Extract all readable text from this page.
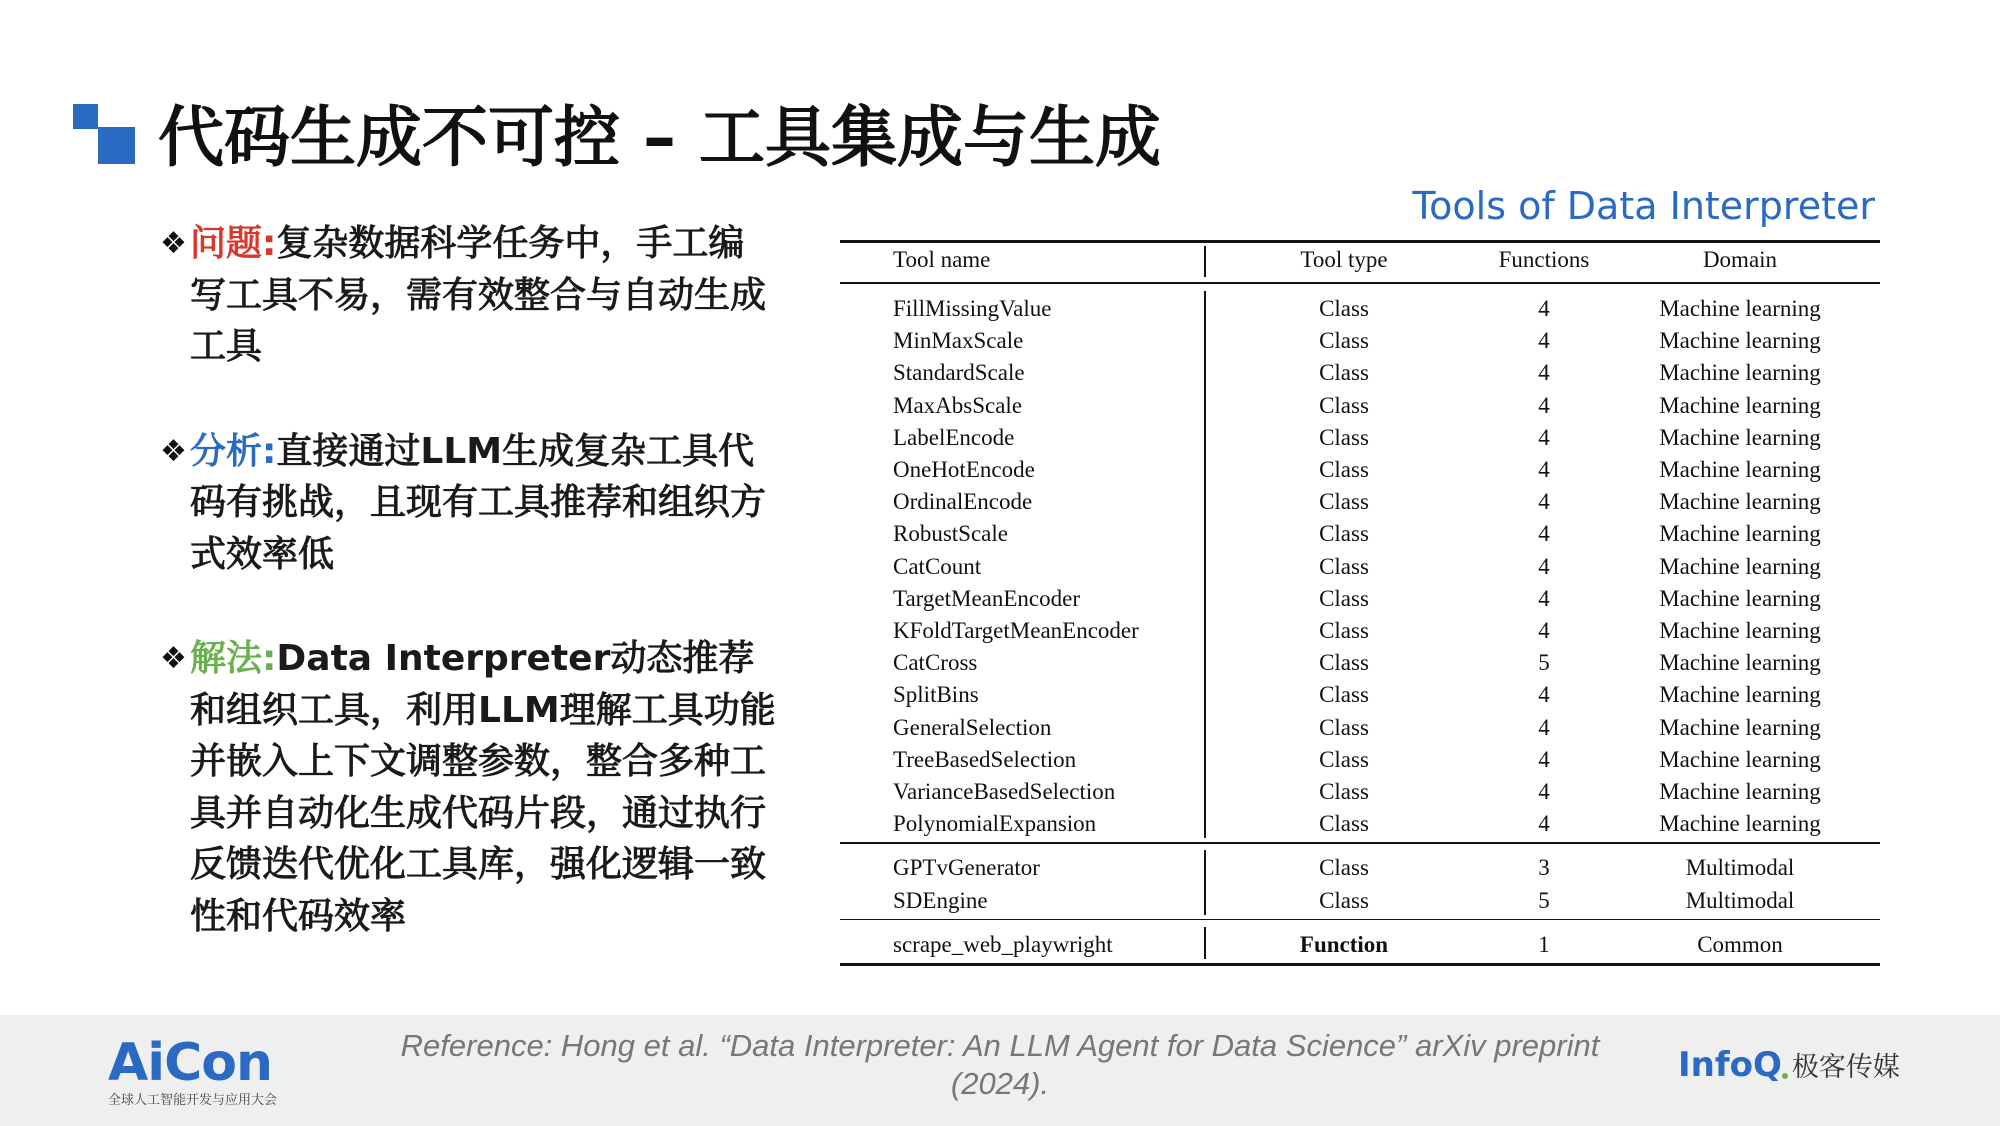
代码生成不可控 – 工具集成与生成
❖ 问题:复杂数据科学任务中，手工编写工具不易，需有效整合与自动生成工具
❖ 分析:直接通过LLM生成复杂工具代码有挑战，且现有工具推荐和组织方式效率低
❖ 解法:Data Interpreter动态推荐和组织工具，利用LLM理解工具功能并嵌入上下文调整参数，整合多种工具并自动化生成代码片段，通过执行反馈迭代优化工具库，强化逻辑一致性和代码效率
Tools of Data Interpreter
Tool name	Tool type	Functions	Domain
FillMissingValue	Class	4	Machine learning
MinMaxScale	Class	4	Machine learning
StandardScale	Class	4	Machine learning
MaxAbsScale	Class	4	Machine learning
LabelEncode	Class	4	Machine learning
OneHotEncode	Class	4	Machine learning
OrdinalEncode	Class	4	Machine learning
RobustScale	Class	4	Machine learning
CatCount	Class	4	Machine learning
TargetMeanEncoder	Class	4	Machine learning
KFoldTargetMeanEncoder	Class	4	Machine learning
CatCross	Class	5	Machine learning
SplitBins	Class	4	Machine learning
GeneralSelection	Class	4	Machine learning
TreeBasedSelection	Class	4	Machine learning
VarianceBasedSelection	Class	4	Machine learning
PolynomialExpansion	Class	4	Machine learning
GPTvGenerator	Class	3	Multimodal
SDEngine	Class	5	Multimodal
scrape_web_playwright	Function	1	Common
AiCon
全球人工智能开发与应用大会
Reference: Hong et al. “Data Interpreter: An LLM Agent for Data Science” arXiv preprint (2024).	InfoQ 极客传媒
